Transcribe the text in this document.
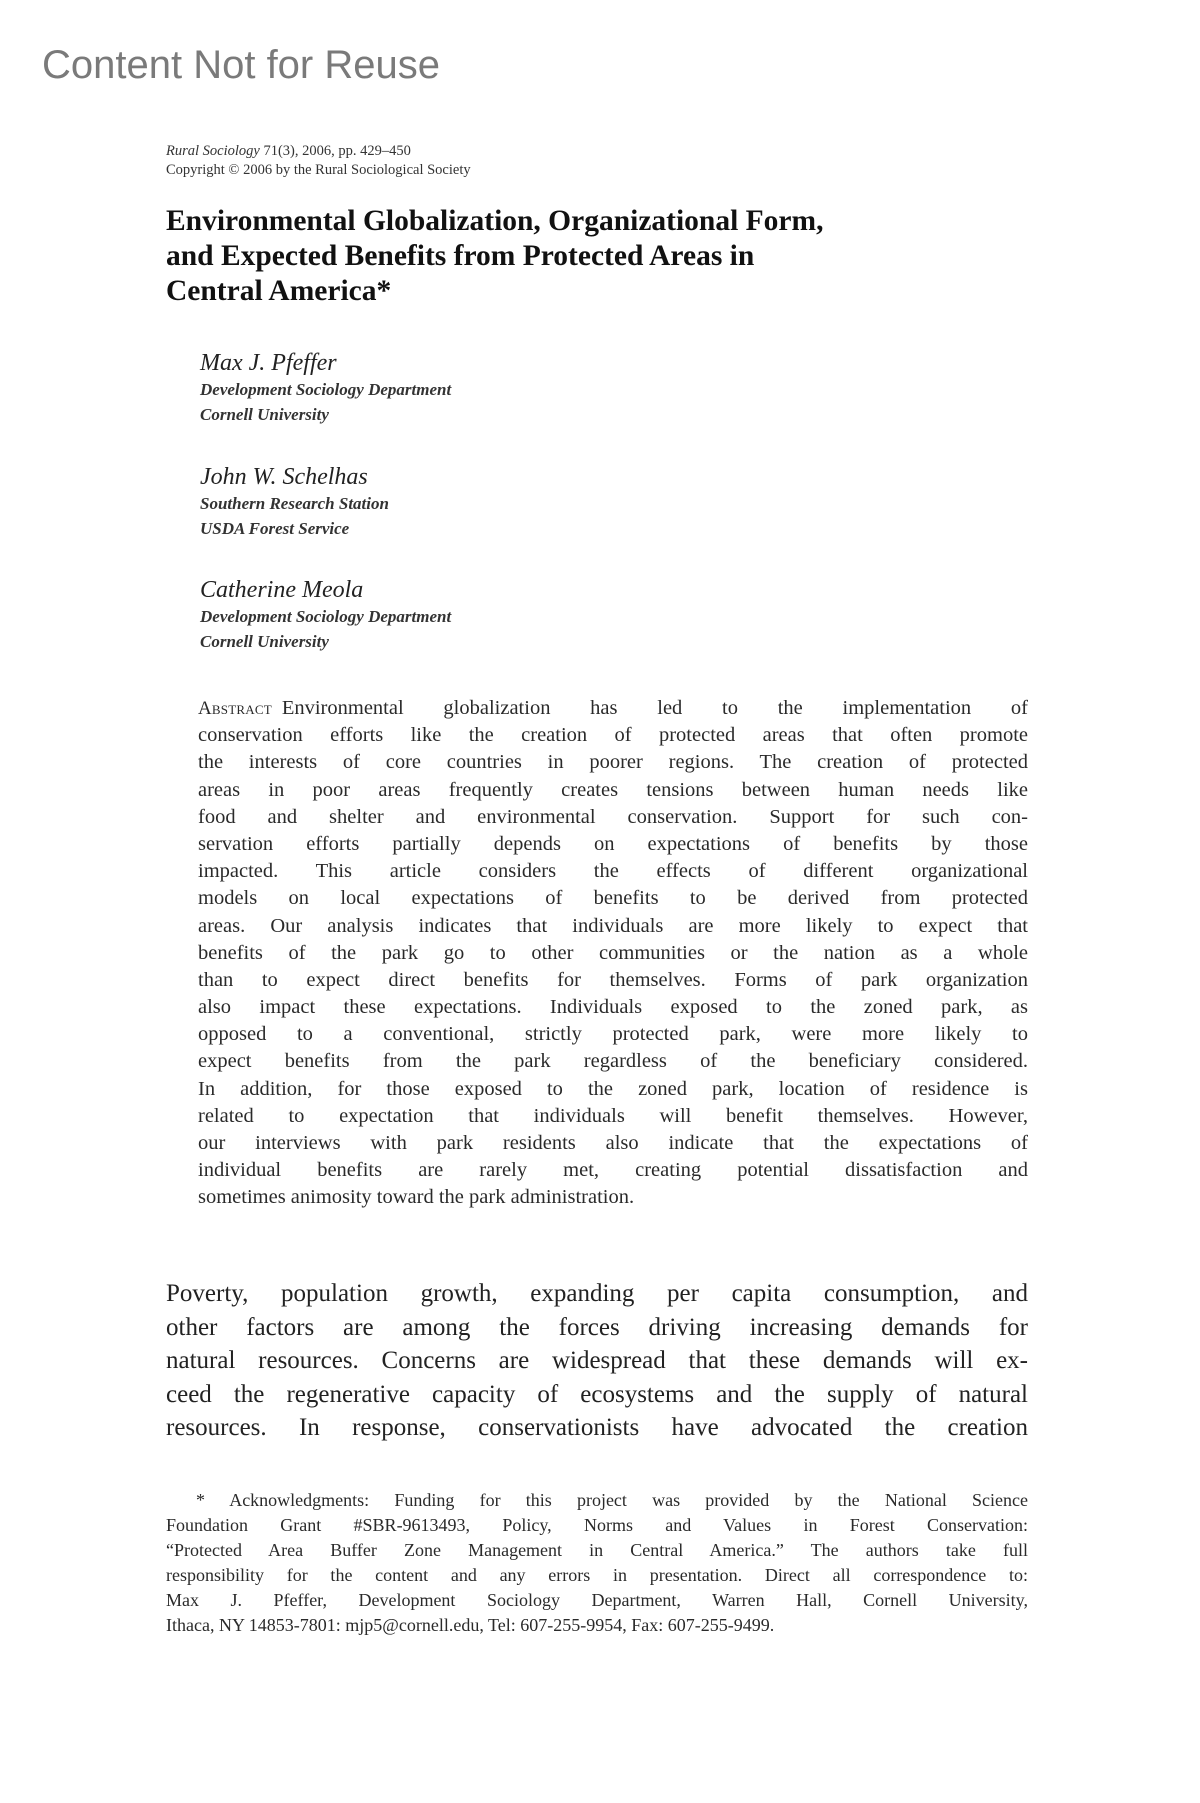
Content Not for Reuse
Rural Sociology 71(3), 2006, pp. 429–450
Copyright © 2006 by the Rural Sociological Society
Environmental Globalization, Organizational Form,
and Expected Benefits from Protected Areas in
Central America*
Max J. Pfeffer
Development Sociology Department
Cornell University
John W. Schelhas
Southern Research Station
USDA Forest Service
Catherine Meola
Development Sociology Department
Cornell University
Abstract Environmental globalization has led to the implementation of
conservation efforts like the creation of protected areas that often promote
the interests of core countries in poorer regions. The creation of protected
areas in poor areas frequently creates tensions between human needs like
food and shelter and environmental conservation. Support for such con-
servation efforts partially depends on expectations of benefits by those
impacted. This article considers the effects of different organizational
models on local expectations of benefits to be derived from protected
areas. Our analysis indicates that individuals are more likely to expect that
benefits of the park go to other communities or the nation as a whole
than to expect direct benefits for themselves. Forms of park organization
also impact these expectations. Individuals exposed to the zoned park, as
opposed to a conventional, strictly protected park, were more likely to
expect benefits from the park regardless of the beneficiary considered.
In addition, for those exposed to the zoned park, location of residence is
related to expectation that individuals will benefit themselves. However,
our interviews with park residents also indicate that the expectations of
individual benefits are rarely met, creating potential dissatisfaction and
sometimes animosity toward the park administration.
Poverty, population growth, expanding per capita consumption, and
other factors are among the forces driving increasing demands for
natural resources. Concerns are widespread that these demands will ex-
ceed the regenerative capacity of ecosystems and the supply of natural
resources. In response, conservationists have advocated the creation
* Acknowledgments: Funding for this project was provided by the National Science
Foundation Grant #SBR-9613493, Policy, Norms and Values in Forest Conservation:
“Protected Area Buffer Zone Management in Central America.” The authors take full
responsibility for the content and any errors in presentation. Direct all correspondence to:
Max J. Pfeffer, Development Sociology Department, Warren Hall, Cornell University,
Ithaca, NY 14853-7801: mjp5@cornell.edu, Tel: 607-255-9954, Fax: 607-255-9499.
